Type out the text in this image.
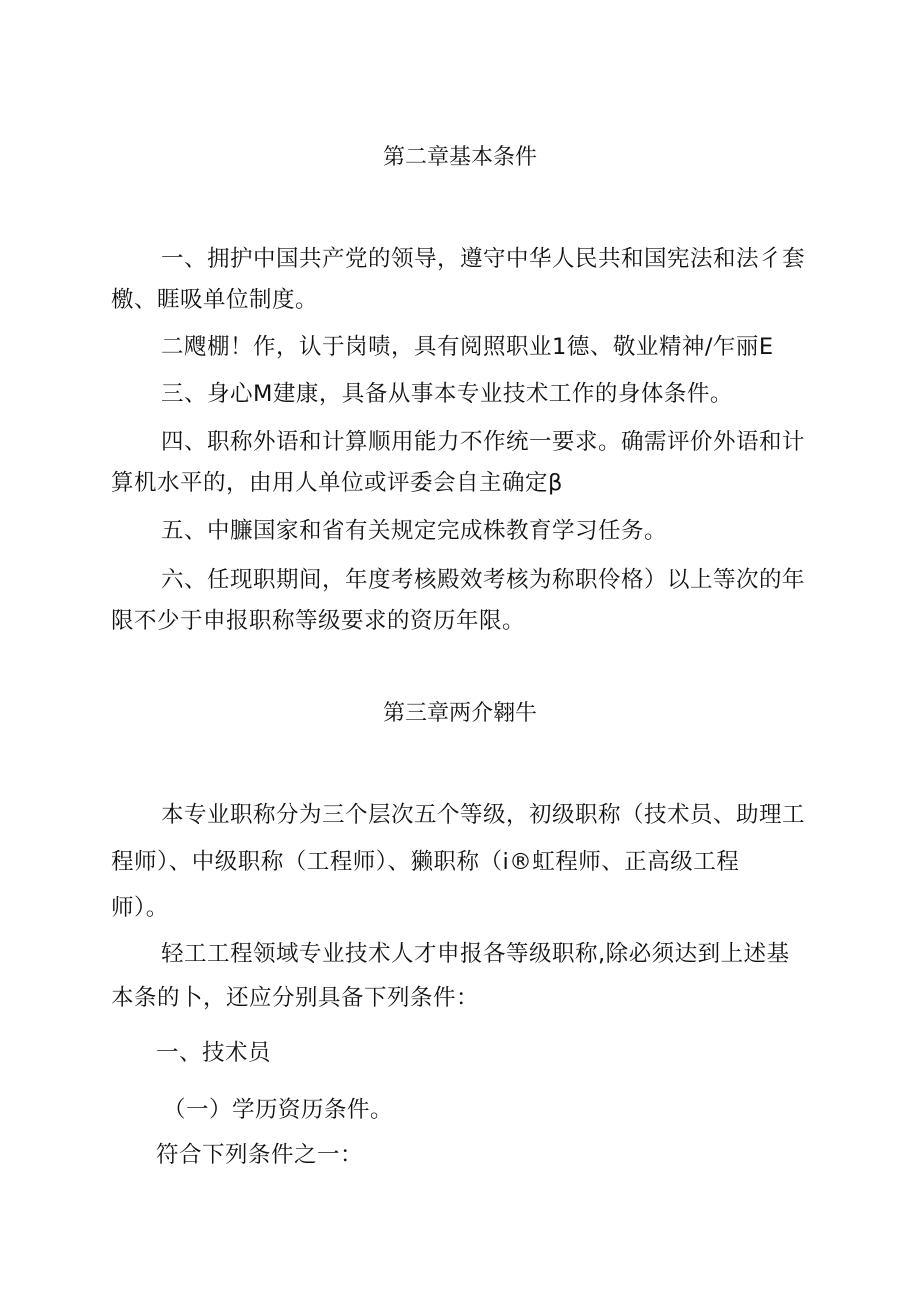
第二章基本条件
一、拥护中国共产党的领导，遵守中华人民共和国宪法和法彳套
檄、睚吸单位制度。
二飕棚！作，认于岗啧，具有阅照职业1德、敬业精神/乍丽E
三、身心M建康，具备从事本专业技术工作的身体条件。
四、职称外语和计算顺用能力不作统一要求。确需评价外语和计
算机水平的，由用人单位或评委会自主确定β
五、中臁国家和省有关规定完成株教育学习任务。
六、任现职期间，年度考核殿效考核为称职伶格）以上等次的年
限不少于申报职称等级要求的资历年限。
第三章两介翱牛
本专业职称分为三个层次五个等级，初级职称（技术员、助理工
程师）、中级职称（工程师）、獭职称（i®虹程师、正高级工程
师）。
轻工工程领域专业技术人才申报各等级职称,除必须达到上述基
本条的卜，还应分别具备下列条件：
一、技术员
（一）学历资历条件。
符合下列条件之一：
